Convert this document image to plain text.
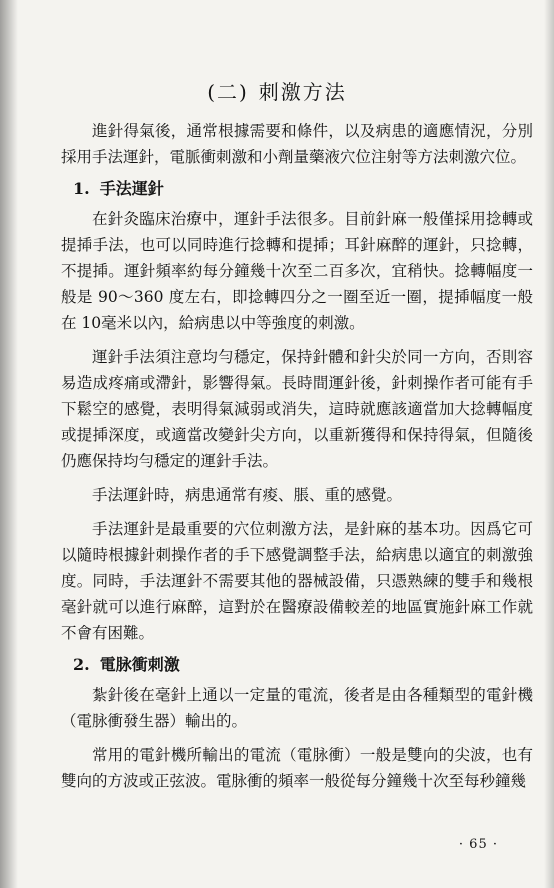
(二) 刺激方法

進針得氣後，通常根據需要和條件，以及病患的適應情況，分別採用手法運針，電脈衝刺激和小劑量藥液穴位注射等方法刺激穴位。

1. 手法運針

在針灸臨床治療中，運針手法很多。目前針麻一般僅採用捻轉或提揷手法，也可以同時進行捻轉和提揷；耳針麻醉的運針，只捻轉，不提揷。運針頻率約每分鐘幾十次至二百多次，宜稍快。捻轉幅度一般是 90～360 度左右，即捻轉四分之一圈至近一圈，提揷幅度一般在 10毫米以內，給病患以中等強度的刺激。

運針手法須注意均勻穩定，保持針體和針尖於同一方向，否則容易造成疼痛或滯針，影響得氣。長時間運針後，針刺操作者可能有手下鬆空的感覺，表明得氣減弱或消失，這時就應該適當加大捻轉幅度或提揷深度，或適當改變針尖方向，以重新獲得和保持得氣，但隨後仍應保持均勻穩定的運針手法。

手法運針時，病患通常有痠、脹、重的感覺。

手法運針是最重要的穴位刺激方法，是針麻的基本功。因爲它可以隨時根據針刺操作者的手下感覺調整手法，給病患以適宜的刺激強度。同時，手法運針不需要其他的器械設備，只憑熟練的雙手和幾根毫針就可以進行麻醉，這對於在醫療設備較差的地區實施針麻工作就不會有困難。

2. 電脉衝刺激

紮針後在毫針上通以一定量的電流，後者是由各種類型的電針機（電脉衝發生器）輸出的。

常用的電針機所輸出的電流（電脉衝）一般是雙向的尖波，也有雙向的方波或正弦波。電脉衝的頻率一般從每分鐘幾十次至每秒鐘幾

· 65 ·
